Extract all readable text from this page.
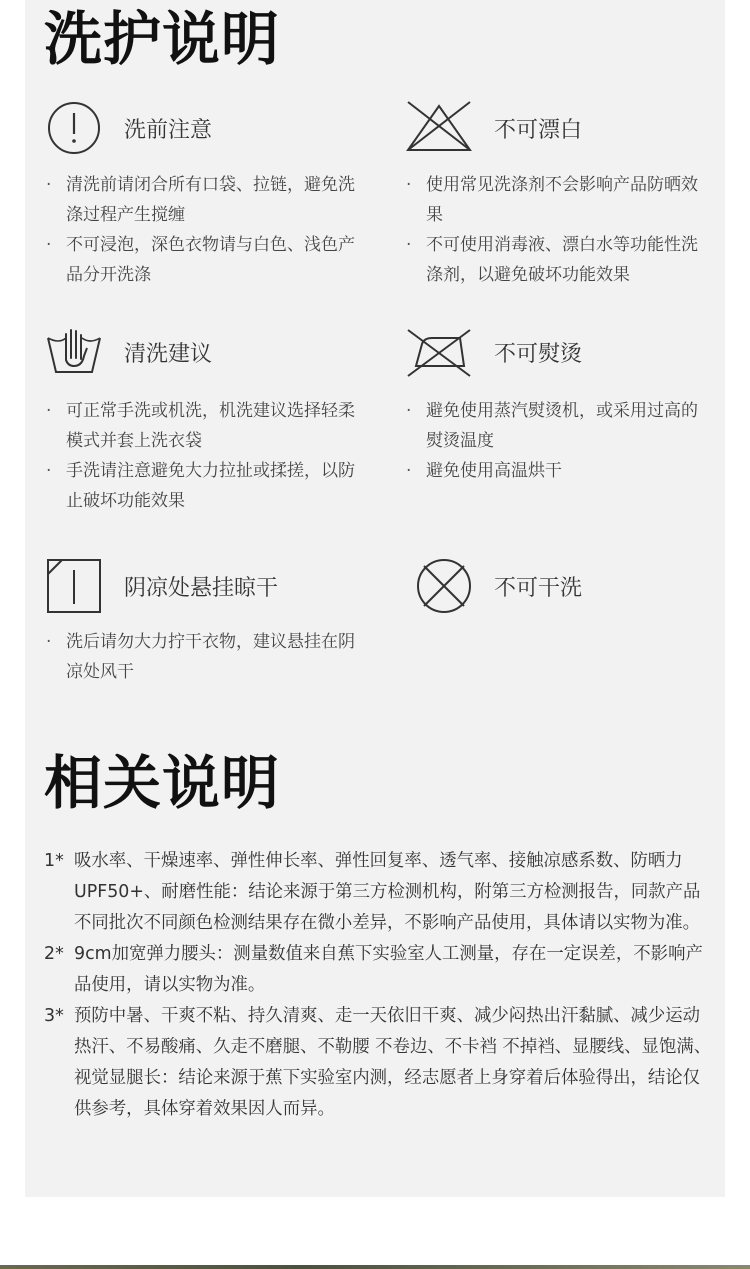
洗护说明
洗前注意
· 清洗前请闭合所有口袋、拉链，避免洗涤过程产生搅缠
· 不可浸泡，深色衣物请与白色、浅色产品分开洗涤
不可漂白
· 使用常见洗涤剂不会影响产品防晒效果
· 不可使用消毒液、漂白水等功能性洗涤剂，以避免破坏功能效果
清洗建议
· 可正常手洗或机洗，机洗建议选择轻柔模式并套上洗衣袋
· 手洗请注意避免大力拉扯或揉搓，以防止破坏功能效果
不可熨烫
· 避免使用蒸汽熨烫机，或采用过高的熨烫温度
· 避免使用高温烘干
阴凉处悬挂晾干
· 洗后请勿大力拧干衣物，建议悬挂在阴凉处风干
不可干洗
相关说明
1* 吸水率、干燥速率、弹性伸长率、弹性回复率、透气率、接触凉感系数、防晒力UPF50+、耐磨性能：结论来源于第三方检测机构，附第三方检测报告，同款产品不同批次不同颜色检测结果存在微小差异，不影响产品使用，具体请以实物为准。
2* 9cm加宽弹力腰头：测量数值来自蕉下实验室人工测量，存在一定误差，不影响产品使用，请以实物为准。
3* 预防中暑、干爽不粘、持久清爽、走一天依旧干爽、减少闷热出汗黏腻、减少运动热汗、不易酸痛、久走不磨腿、不勒腰 不卷边、不卡裆 不掉裆、显腰线、显饱满、视觉显腿长：结论来源于蕉下实验室内测，经志愿者上身穿着后体验得出，结论仅供参考，具体穿着效果因人而异。
